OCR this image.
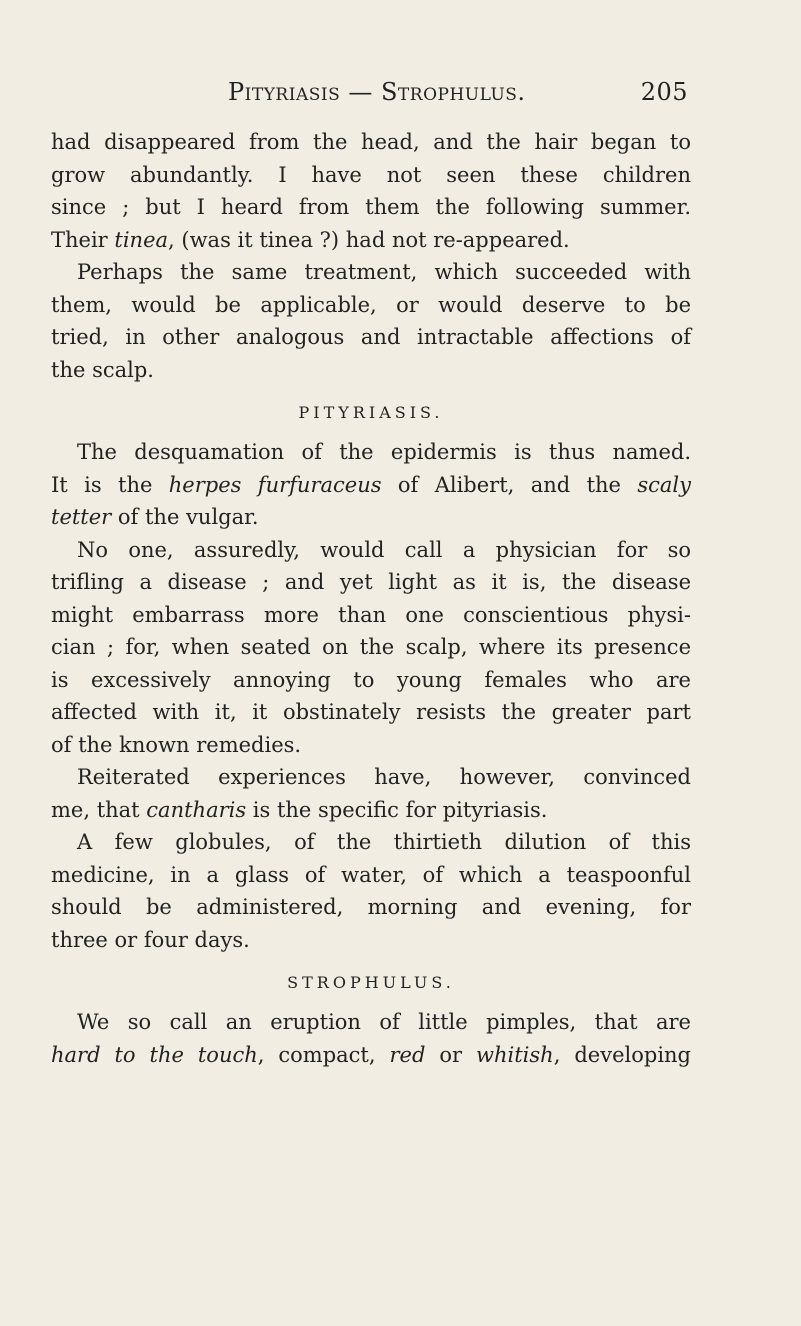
Pityriasis — Strophulus.	205
had disappeared from the head, and the hair began to
grow abundantly. I have not seen these children
since ; but I heard from them the following summer.
Their tinea, (was it tinea ?) had not re-appeared.
Perhaps the same treatment, which succeeded with
them, would be applicable, or would deserve to be
tried, in other analogous and intractable affections of
the scalp.
PITYRIASIS.
The desquamation of the epidermis is thus named.
It is the herpes furfuraceus of Alibert, and the scaly
tetter of the vulgar.
No one, assuredly, would call a physician for so
trifling a disease ; and yet light as it is, the disease
might embarrass more than one conscientious physi-
cian ; for, when seated on the scalp, where its presence
is excessively annoying to young females who are
affected with it, it obstinately resists the greater part
of the known remedies.
Reiterated experiences have, however, convinced
me, that cantharis is the specific for pityriasis.
A few globules, of the thirtieth dilution of this
medicine, in a glass of water, of which a teaspoonful
should be administered, morning and evening, for
three or four days.
STROPHULUS.
We so call an eruption of little pimples, that are
hard to the touch, compact, red or whitish, developing
